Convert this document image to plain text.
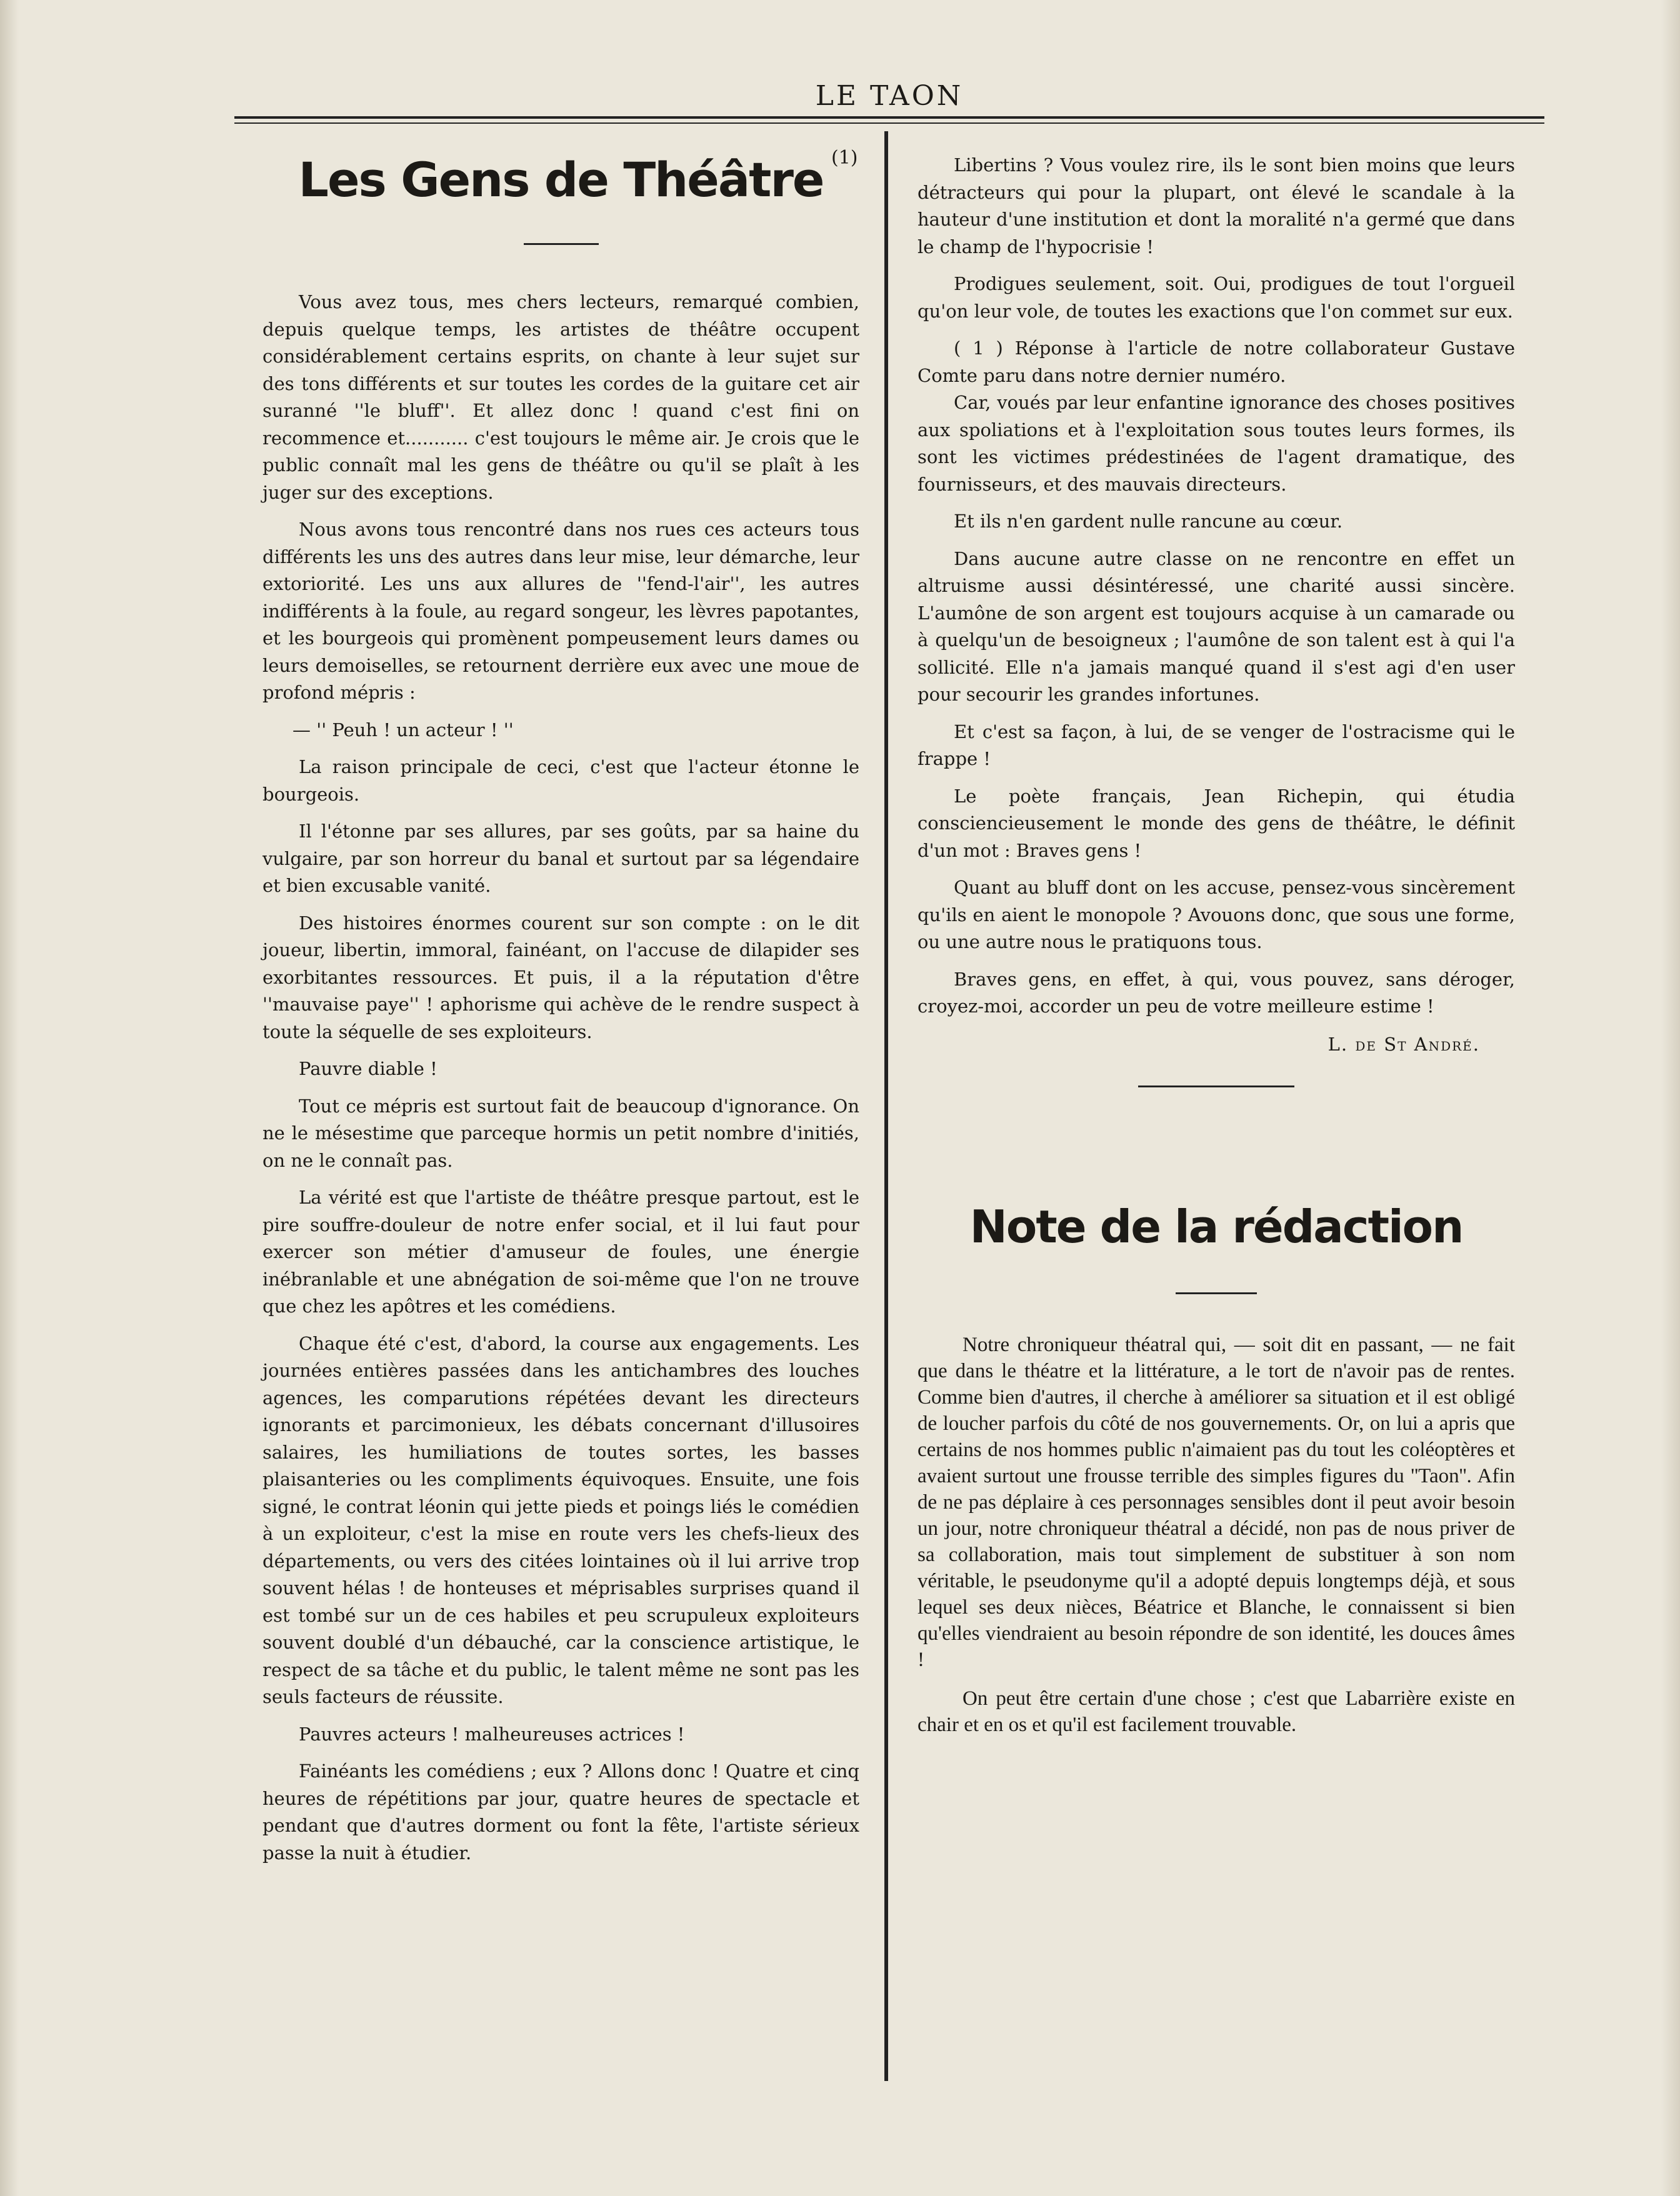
LE TAON
Les Gens de Théâtre (1)

Vous avez tous, mes chers lecteurs, remarqué combien, depuis quelque temps, les artistes de théâtre occupent considérablement certains esprits, on chante à leur sujet sur des tons différents et sur toutes les cordes de la guitare cet air suranné ''le bluff''. Et allez donc ! quand c'est fini on recommence et........... c'est toujours le même air. Je crois que le public connaît mal les gens de théâtre ou qu'il se plaît à les juger sur des exceptions.

Nous avons tous rencontré dans nos rues ces acteurs tous différents les uns des autres dans leur mise, leur démarche, leur extoriorité. Les uns aux allures de ''fend-l'air'', les autres indifférents à la foule, au regard songeur, les lèvres papotantes, et les bourgeois qui promènent pompeusement leurs dames ou leurs demoiselles, se retournent derrière eux avec une moue de profond mépris :

— '' Peuh ! un acteur ! ''

La raison principale de ceci, c'est que l'acteur étonne le bourgeois.

Il l'étonne par ses allures, par ses goûts, par sa haine du vulgaire, par son horreur du banal et surtout par sa légendaire et bien excusable vanité.

Des histoires énormes courent sur son compte : on le dit joueur, libertin, immoral, fainéant, on l'accuse de dilapider ses exorbitantes ressources. Et puis, il a la réputation d'être ''mauvaise paye'' ! aphorisme qui achève de le rendre suspect à toute la séquelle de ses exploiteurs.

Pauvre diable !

Tout ce mépris est surtout fait de beaucoup d'ignorance. On ne le mésestime que parceque hormis un petit nombre d'initiés, on ne le connaît pas.

La vérité est que l'artiste de théâtre presque partout, est le pire souffre-douleur de notre enfer social, et il lui faut pour exercer son métier d'amuseur de foules, une énergie inébranlable et une abnégation de soi-même que l'on ne trouve que chez les apôtres et les comédiens.

Chaque été c'est, d'abord, la course aux engagements. Les journées entières passées dans les antichambres des louches agences, les comparutions répétées devant les directeurs ignorants et parcimonieux, les débats concernant d'illusoires salaires, les humiliations de toutes sortes, les basses plaisanteries ou les compliments équivoques. Ensuite, une fois signé, le contrat léonin qui jette pieds et poings liés le comédien à un exploiteur, c'est la mise en route vers les chefs-lieux des départements, ou vers des citées lointaines où il lui arrive trop souvent hélas ! de honteuses et méprisables surprises quand il est tombé sur un de ces habiles et peu scrupuleux exploiteurs souvent doublé d'un débauché, car la conscience artistique, le respect de sa tâche et du public, le talent même ne sont pas les seuls facteurs de réussite.

Pauvres acteurs ! malheureuses actrices !

Fainéants les comédiens ; eux ? Allons donc ! Quatre et cinq heures de répétitions par jour, quatre heures de spectacle et pendant que d'autres dorment ou font la fête, l'artiste sérieux passe la nuit à étudier.

Libertins ? Vous voulez rire, ils le sont bien moins que leurs détracteurs qui pour la plupart, ont élevé le scandale à la hauteur d'une institution et dont la moralité n'a germé que dans le champ de l'hypocrisie !

Prodigues seulement, soit. Oui, prodigues de tout l'orgueil qu'on leur vole, de toutes les exactions que l'on commet sur eux.

( 1 ) Réponse à l'article de notre collaborateur Gustave Comte paru dans notre dernier numéro.

Car, voués par leur enfantine ignorance des choses positives aux spoliations et à l'exploitation sous toutes leurs formes, ils sont les victimes prédestinées de l'agent dramatique, des fournisseurs, et des mauvais directeurs.

Et ils n'en gardent nulle rancune au cœur.

Dans aucune autre classe on ne rencontre en effet un altruisme aussi désintéressé, une charité aussi sincère. L'aumône de son argent est toujours acquise à un camarade ou à quelqu'un de besoigneux ; l'aumône de son talent est à qui l'a sollicité. Elle n'a jamais manqué quand il s'est agi d'en user pour secourir les grandes infortunes.

Et c'est sa façon, à lui, de se venger de l'ostracisme qui le frappe !

Le poète français, Jean Richepin, qui étudia consciencieusement le monde des gens de théâtre, le définit d'un mot : Braves gens !

Quant au bluff dont on les accuse, pensez-vous sincèrement qu'ils en aient le monopole ? Avouons donc, que sous une forme, ou une autre nous le pratiquons tous.

Braves gens, en effet, à qui, vous pouvez, sans déroger, croyez-moi, accorder un peu de votre meilleure estime !

L. de St André.
Note de la rédaction

Notre chroniqueur théatral qui, — soit dit en passant, — ne fait que dans le théatre et la littérature, a le tort de n'avoir pas de rentes. Comme bien d'autres, il cherche à améliorer sa situation et il est obligé de loucher parfois du côté de nos gouvernements. Or, on lui a apris que certains de nos hommes public n'aimaient pas du tout les coléoptères et avaient surtout une frousse terrible des simples figures du ''Taon''. Afin de ne pas déplaire à ces personnages sensibles dont il peut avoir besoin un jour, notre chroniqueur théatral a décidé, non pas de nous priver de sa collaboration, mais tout simplement de substituer à son nom véritable, le pseudonyme qu'il a adopté depuis longtemps déjà, et sous lequel ses deux nièces, Béatrice et Blanche, le connaissent si bien qu'elles viendraient au besoin répondre de son identité, les douces âmes !

On peut être certain d'une chose ; c'est que Labarrière existe en chair et en os et qu'il est facilement trouvable.
